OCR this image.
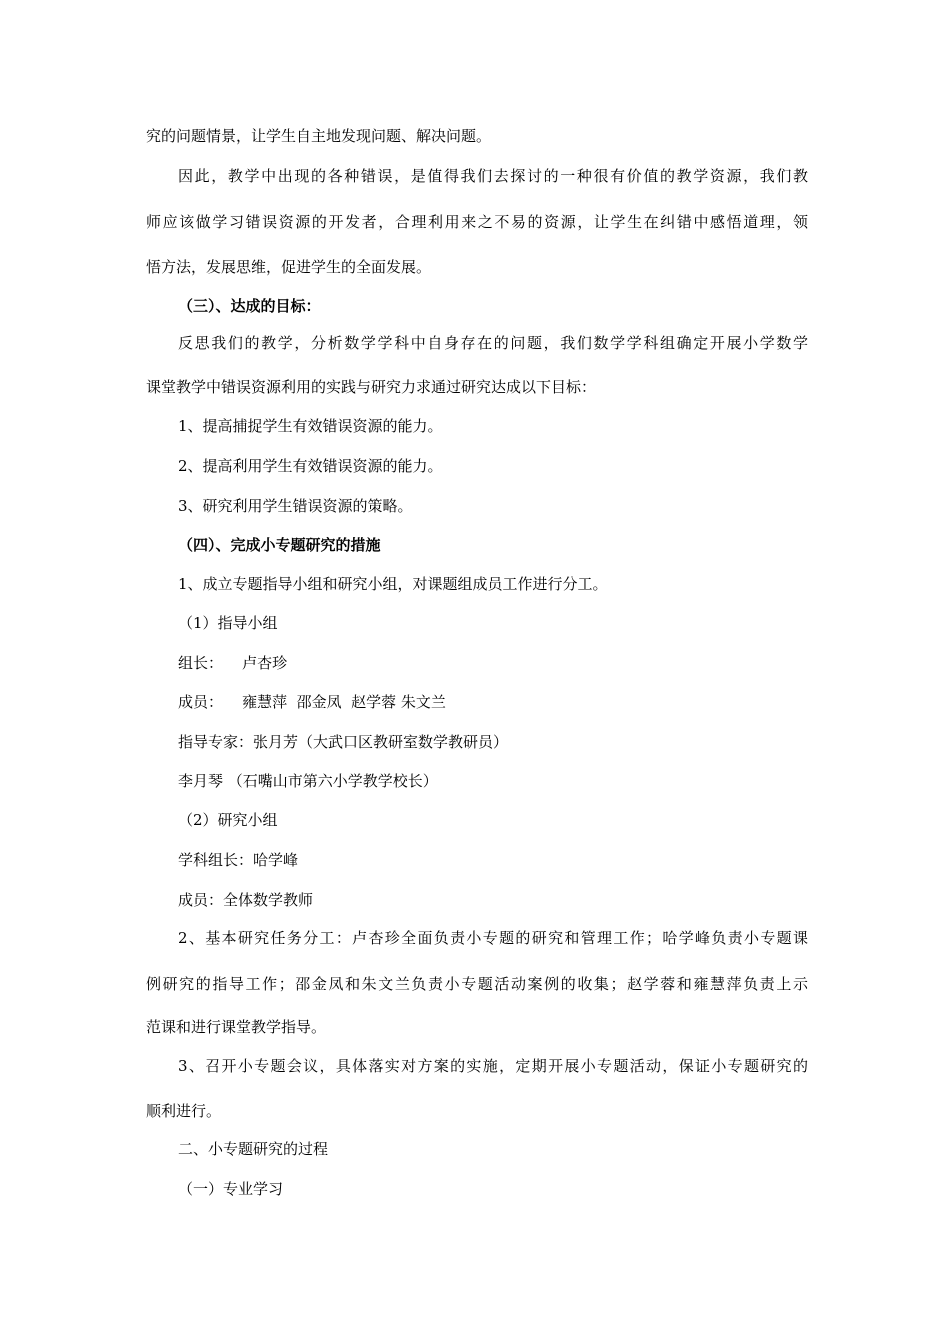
究的问题情景，让学生自主地发现问题、解决问题。
因此，教学中出现的各种错误，是值得我们去探讨的一种很有价值的教学资源，我们教
师应该做学习错误资源的开发者，合理利用来之不易的资源，让学生在纠错中感悟道理，领
悟方法，发展思维，促进学生的全面发展。
（三）、达成的目标：
反思我们的教学，分析数学学科中自身存在的问题，我们数学学科组确定开展小学数学
课堂教学中错误资源利用的实践与研究力求通过研究达成以下目标：
1、提高捕捉学生有效错误资源的能力。
2、提高利用学生有效错误资源的能力。
3、研究利用学生错误资源的策略。
（四）、完成小专题研究的措施
1、成立专题指导小组和研究小组，对课题组成员工作进行分工。
（1）指导小组
组长：    卢杏珍
成员：    雍慧萍  邵金凤  赵学蓉 朱文兰
指导专家：张月芳（大武口区教研室数学教研员）
李月琴 （石嘴山市第六小学教学校长）
（2）研究小组
学科组长：哈学峰
成员：全体数学教师
2、基本研究任务分工：卢杏珍全面负责小专题的研究和管理工作；哈学峰负责小专题课
例研究的指导工作；邵金凤和朱文兰负责小专题活动案例的收集；赵学蓉和雍慧萍负责上示
范课和进行课堂教学指导。
3、召开小专题会议，具体落实对方案的实施，定期开展小专题活动，保证小专题研究的
顺利进行。
二、小专题研究的过程
（一）专业学习
